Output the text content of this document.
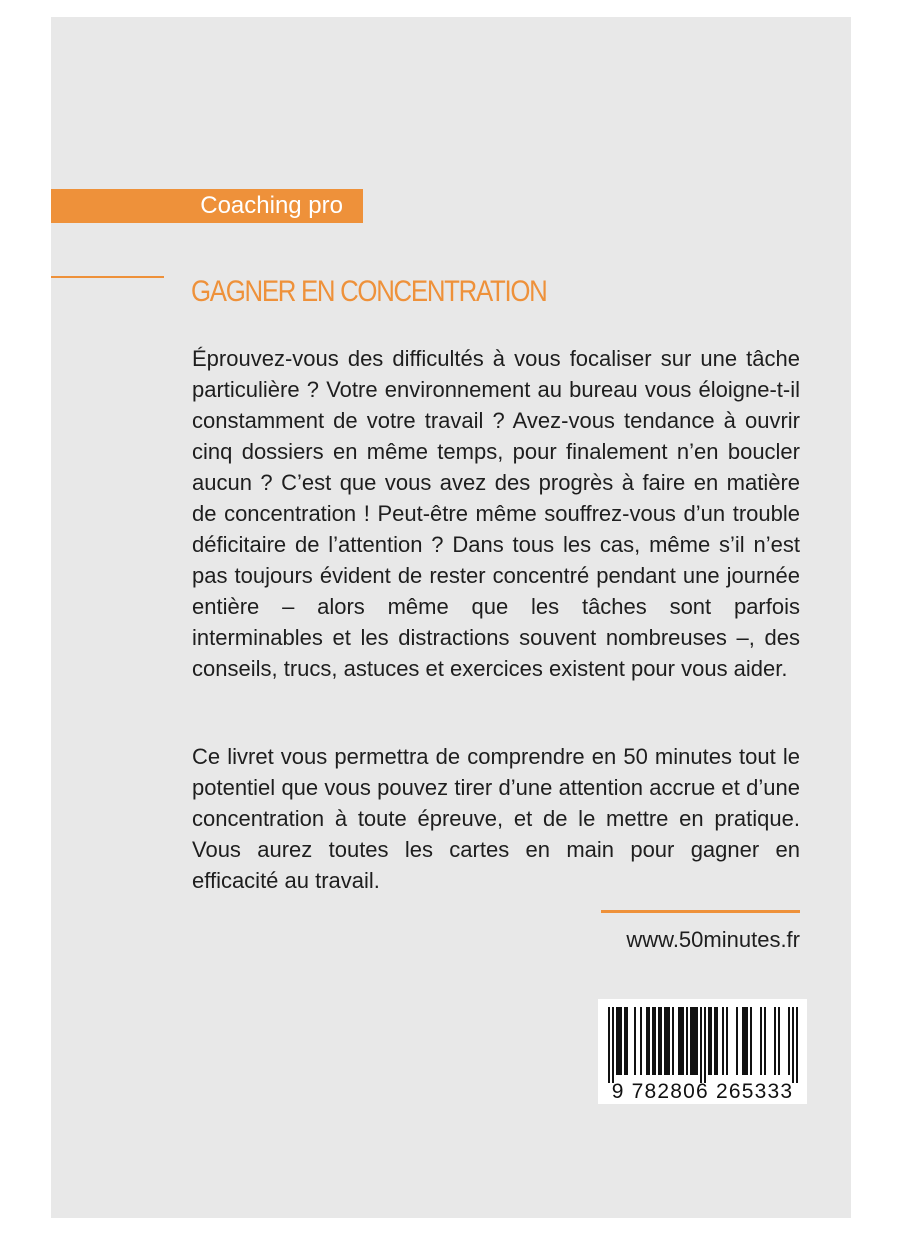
Coaching pro
GAGNER EN CONCENTRATION

Éprouvez-vous des difficultés à vous focaliser sur une tâche particulière ? Votre environnement au bureau vous éloigne-t-il constamment de votre travail ? Avez-vous tendance à ouvrir cinq dossiers en même temps, pour finalement n’en boucler aucun ? C’est que vous avez des progrès à faire en matière de concentration ! Peut-être même souffrez-vous d’un trouble déficitaire de l’attention ? Dans tous les cas, même s’il n’est pas toujours évident de rester concentré pendant une journée entière – alors même que les tâches sont parfois interminables et les distractions souvent nombreuses –, des conseils, trucs, astuces et exercices existent pour vous aider.

Ce livret vous permettra de comprendre en 50 minutes tout le potentiel que vous pouvez tirer d’une attention accrue et d’une concentration à toute épreuve, et de le mettre en pratique. Vous aurez toutes les cartes en main pour gagner en efficacité au travail.

www.50minutes.fr
9 782806 265333
